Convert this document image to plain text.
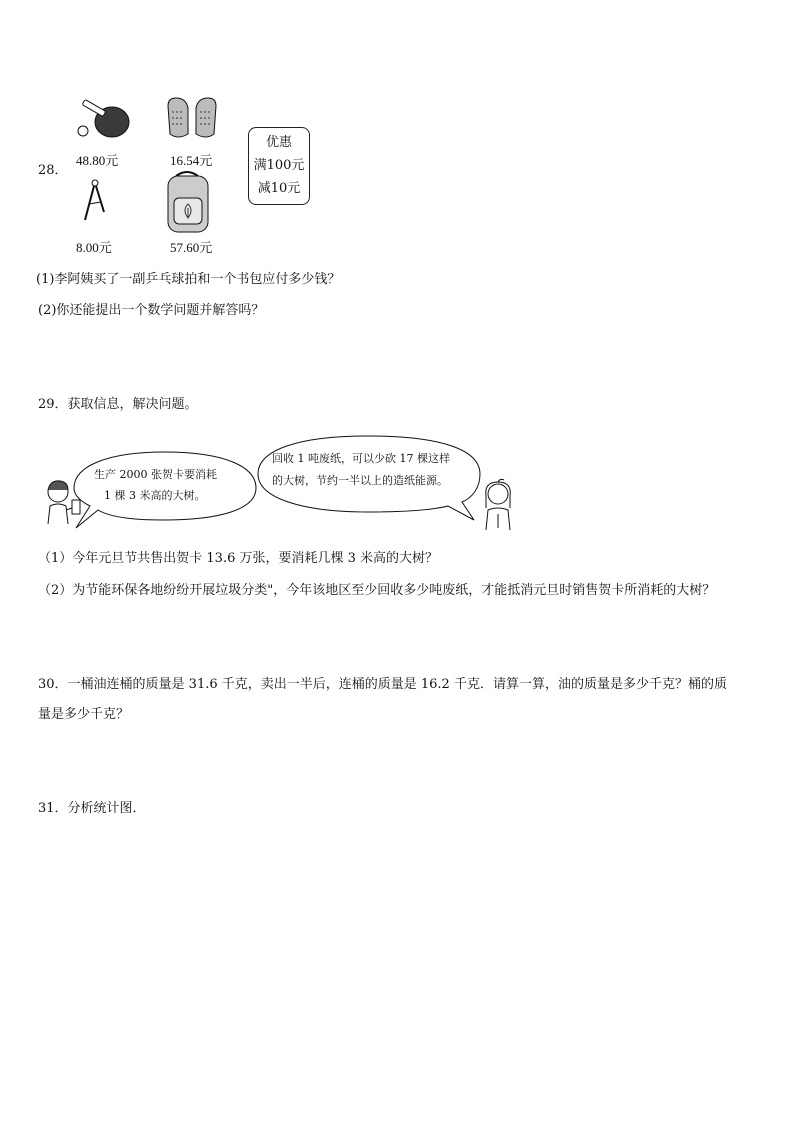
28．
48.80元	16.54元
优惠
满100元
减10元
8.00元	57.60元
(1)李阿姨买了一副乒乓球拍和一个书包应付多少钱？
(2)你还能提出一个数学问题并解答吗？
29．获取信息，解决问题。
生产 2000 张贺卡要消耗
1 棵 3 米高的大树。
回收 1 吨废纸，可以少砍 17 棵这样
的大树，节约一半以上的造纸能源。
（1）今年元旦节共售出贺卡 13.6 万张，要消耗几棵 3 米高的大树？
（2）为节能环保各地纷纷开展垃圾分类"，今年该地区至少回收多少吨废纸，才能抵消元旦时销售贺卡所消耗的大树？
30．一桶油连桶的质量是 31.6 千克，卖出一半后，连桶的质量是 16.2 千克．请算一算，油的质量是多少千克？桶的质
量是多少千克？
31．分析统计图．
